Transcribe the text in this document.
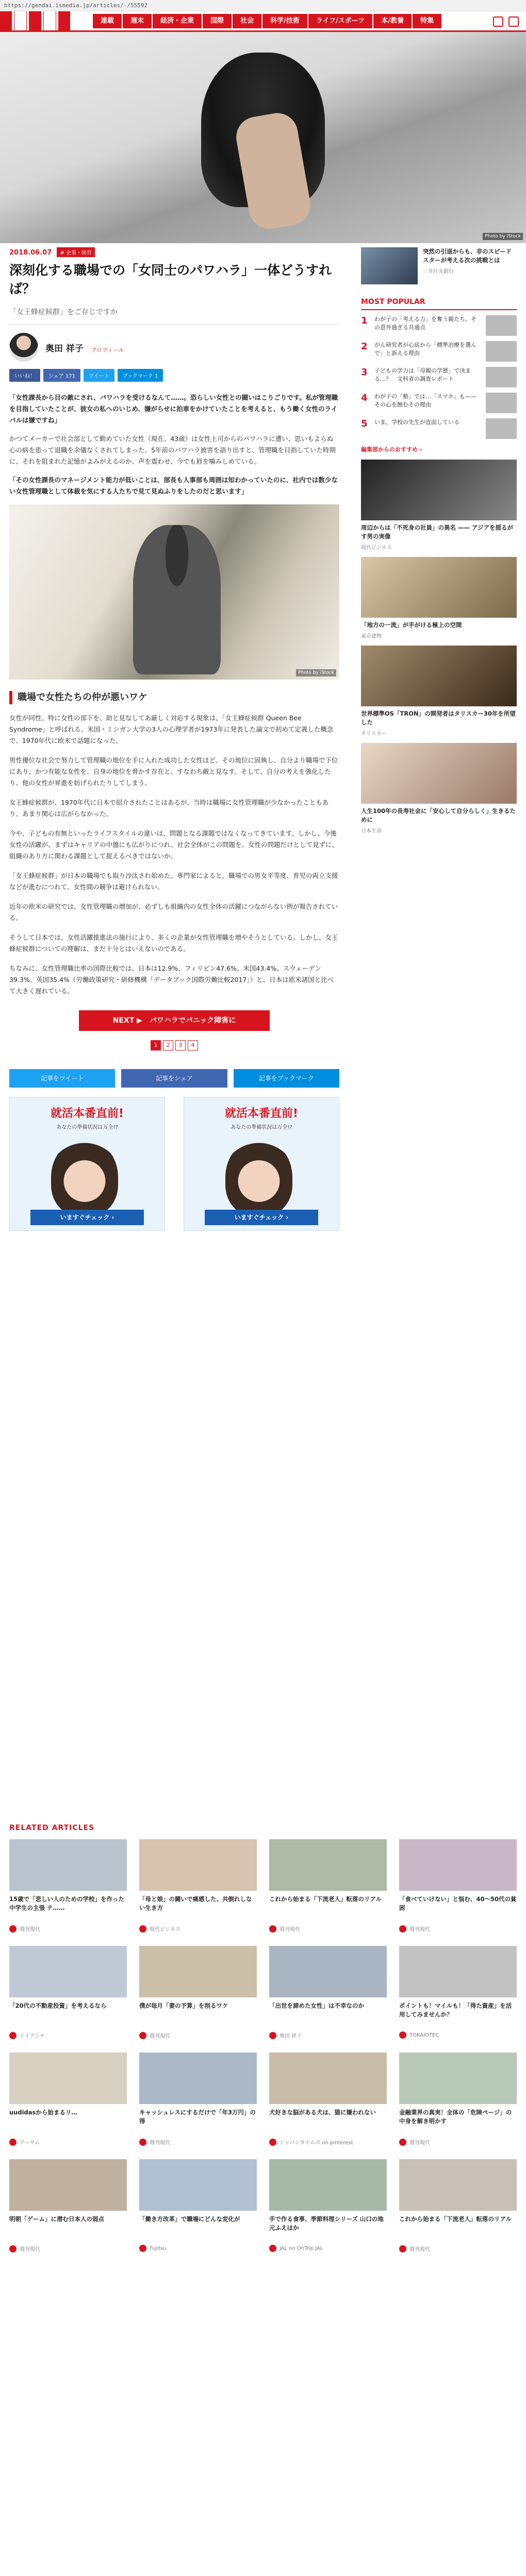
https://gendai.ismedia.jp/articles/-/55592
連載	週末	経済・企業	国際	社会	科学/技術	ライフ/スポーツ	本/教養	特集
Photo by iStock
2018.06.07 # 企業・経営
深刻化する職場での「女同士のパワハラ」一体どうすれば？
「女王蜂症候群」をご存じですか
奥田 祥子 プロフィール
いいね！	シェア 171	ツイート	ブックマーク 1

「女性課長から目の敵にされ、パワハラを受けるなんて……。恐らしい女性との闘いはこりごりです。私が管理職を目指していたことが、彼女の私へのいじめ、嫌がらせに拍車をかけていたことを考えると、もう働く女性のライバルは嫌ですね」

かつてメーカーで社会部として勤めていた女性（現在、43歳）は女性上司からのパワハラに遭い、思いもよらぬ心の病を患って退職を余儀なくされてしまった。5年前のパワハラ被害を語り出すと、管理職を目指していた時期に、それを阻まれた記憶がよみがえるのか、声を震わせ、今でも唇を噛みしめている。

「その女性課長のマネージメント能力が低いことは、部長も人事部も周囲は知わかっていたのに、社内では数少ない女性管理職として体裁を気にする人たちで見て見ぬふりをしたのだと思います」

Photo by iStock
職場で女性たちの仲が悪いワケ

女性が同性、特に女性の部下を、助と見なしてあ厳しく対応する現象は、「女王蜂症候群 Queen Bee Syndrome」と呼ばれる。米国・ミシガン大学の3人の心理学者が1973年に発表した論文で初めて定義した概念で、1970年代に欧米で話題になった。

男性優位な社会で努力して管理職の地位を手に入れた成功した女性ほど、その地位に固執し、自分より職場で下位にあり、かつ有能な女性を、自身の地位を脅かす存在と、すなわち敵と見なす。そして、自分の考えを強化したり、他の女性が昇進を妨げられたりしてしまう。

女王蜂症候群が、1970年代に日本で紹介されたことはあるが、当時は職場に女性管理職が少なかったこともあり、あまり関心は広がらなかった。

今や、子どもの有無といったライフスタイルの違いは、問題となる課題ではなくなってきています。しかし、今後女性の活躍が、まずはキャリアの中盤にも広がりにつれ、社会全体がこの問題を、女性の問題だけとして見ずに、組織のあり方に関わる課題として捉えるべきではないか。

「女王蜂症候群」が日本の職場でも取り沙汰され始めた。専門家によると、職場での男女平等度、育児の両立支援などが進むにつれて、女性間の競争は避けられない。

近年の欧米の研究では、女性管理職の増加が、必ずしも組織内の女性全体の活躍につながらない例が報告されている。

そうして日本では、女性活躍推進法の施行により、多くの企業が女性管理職を増やそうとしている。しかし、女王蜂症候群についての理解は、まだ十分とはいえないのである。

ちなみに、女性管理職比率の国際比較では、日本は12.9%、フィリピン47.6%、米国43.4%、スウェーデン39.3%、英国35.4%（労働政策研究・研修機構「データブック国際労働比較2017」）と、日本は欧米諸国と比べて大きく遅れている。

NEXT ▶　パワハラでパニック障害に
1	2	3	4
記事をツイート	記事をシェア	記事をブックマーク
就活本番直前!
あなたの準備状況は万全!?
いますぐチェック ›
就活本番直前!
あなたの準備状況は万全!?
いますぐチェック ›
突然の引退からも、非のスピードスターが考える次の挑戦とは
三井住友銀行
MOST POPULAR
1	わが子の「考える力」を奪う親たち、その意外過ぎる共通点
2	がん研究者が心底から「標準治療を選んで」と訴える理由
3	子どもの学力は「母親の学歴」で決まる…？　文科省の調査レポート
4	わが子の「塾」では…「スマホ」も——その心を蝕むその理由
5	いま、学校の先生が直面している
編集部からのおすすめ ›
周辺からは「不死身の社員」の異名 —— アジアを揺るがす男の実像
現代ビジネス
「地方の一流」が手がける極上の空間
東京建物
世界標準OS「TRON」の開発者はタリスカー30年を所望した
タリスカー
人生100年の長寿社会に「安心して自分らしく」生きるために
日本生命
RELATED ARTICLES
15歳で「悲しい人のための学校」を作った 中学生の主張 テ……
週刊現代
「母と娘」の闘いで痛感した、共倒れしない生き方
現代ビジネス
これから始まる「下流老人」転落のリアル
週刊現代
「食べていけない」と悩む、40〜50代の貧困
週刊現代
「20代の不動産投資」を考えるなら
トイアンナ
僕が毎月「妻の予算」を削るワケ
週刊現代
「出世を諦めた女性」は不幸なのか
奥田 祥子
ポイントも！マイルも！「得た資産」を活用してみませんか？
TOKAIOTEC
uudidasから始まるリ…
アーサム
キャッシュレスにするだけで「年3万円」の得
週刊現代
犬好きな脳がある犬は、猫に嫌われない
ジャパンタイムズ on pinterest
金融業界の真実！全体の「危険ページ」の中身を解き明かす
週刊現代
明朝「ゲーム」に潜む日本人の弱点
週刊現代
「働き方改革」で職場にどんな変化が
Fujitsu
手で作る食事、季節料理シリーズ 山口の地元ふえほか
JAL on OnTrip JAL
これから始まる「下流老人」転落のリアル
週刊現代
